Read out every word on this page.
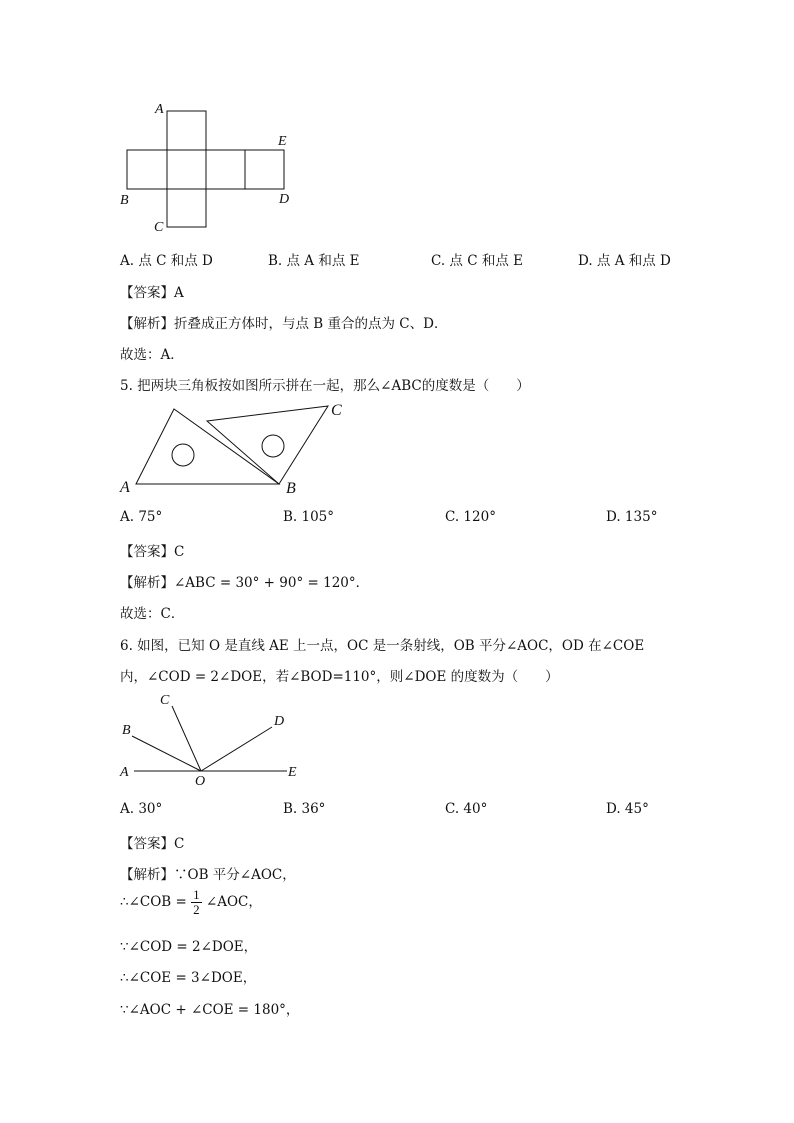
A
B
C
D
E
A. 点 C 和点 D	B. 点 A 和点 E	C. 点 C 和点 E	D. 点 A 和点 D
【答案】A
【解析】折叠成正方体时，与点 B 重合的点为 C、D．
故选：A．
5. 把两块三角板按如图所示拼在一起，那么∠ABC的度数是（　　）
A	B
C
A. 75°	B. 105°	C. 120°	D. 135°
【答案】C
【解析】∠ABC = 30° + 90° = 120°．
故选：C．
6. 如图，已知 O 是直线 AE 上一点，OC 是一条射线，OB 平分∠AOC，OD 在∠COE
内，∠COD = 2∠DOE，若∠BOD=110°，则∠DOE 的度数为（　　）
A
B
C
D
E
O
A. 30°	B. 36°	C. 40°	D. 45°
【答案】C
【解析】∵OB 平分∠AOC，
∴∠COB = $\frac{1}{2}$ ∠AOC，
∵∠COD = 2∠DOE，
∴∠COE = 3∠DOE，
∵∠AOC + ∠COE = 180°，
